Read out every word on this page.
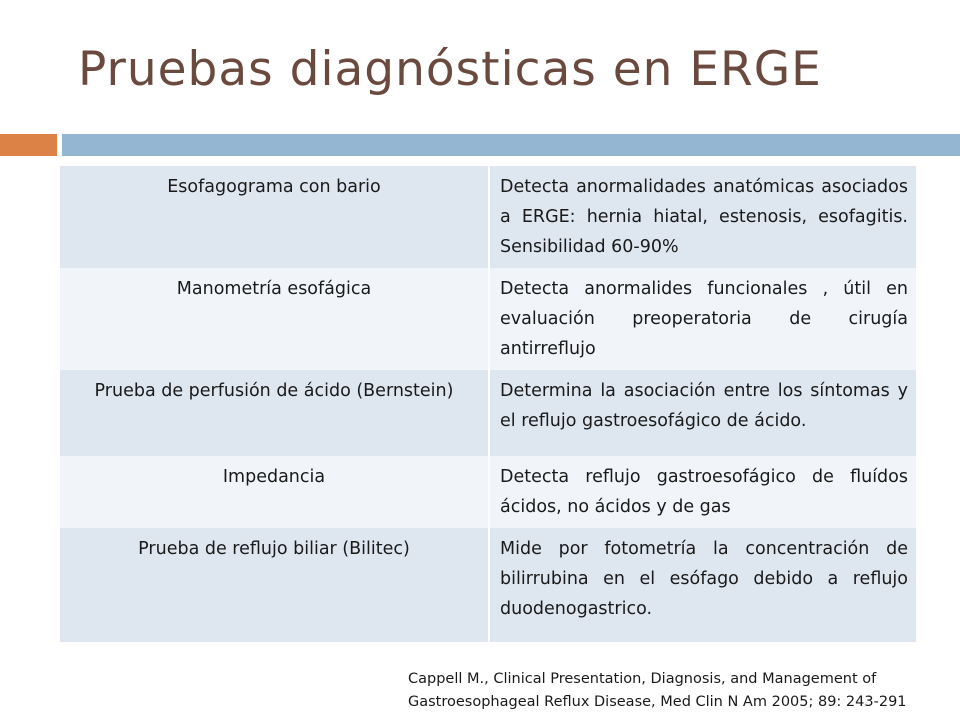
Pruebas diagnósticas en ERGE
Esofagograma con bario	Detecta anormalidades anatómicas asociados a ERGE: hernia hiatal, estenosis, esofagitis. Sensibilidad 60-90%
Manometría esofágica	Detecta anormalides funcionales , útil en evaluación preoperatoria de cirugía antirreflujo
Prueba de perfusión de ácido (Bernstein)	Determina la asociación entre los síntomas y el reflujo gastroesofágico de ácido.
Impedancia	Detecta reflujo gastroesofágico de fluídos ácidos, no ácidos y de gas
Prueba de reflujo biliar (Bilitec)	Mide por fotometría la concentración de bilirrubina en el esófago debido a reflujo duodenogastrico.
Cappell M., Clinical Presentation, Diagnosis, and Management of
Gastroesophageal Reflux Disease, Med Clin N Am 2005; 89: 243-291
